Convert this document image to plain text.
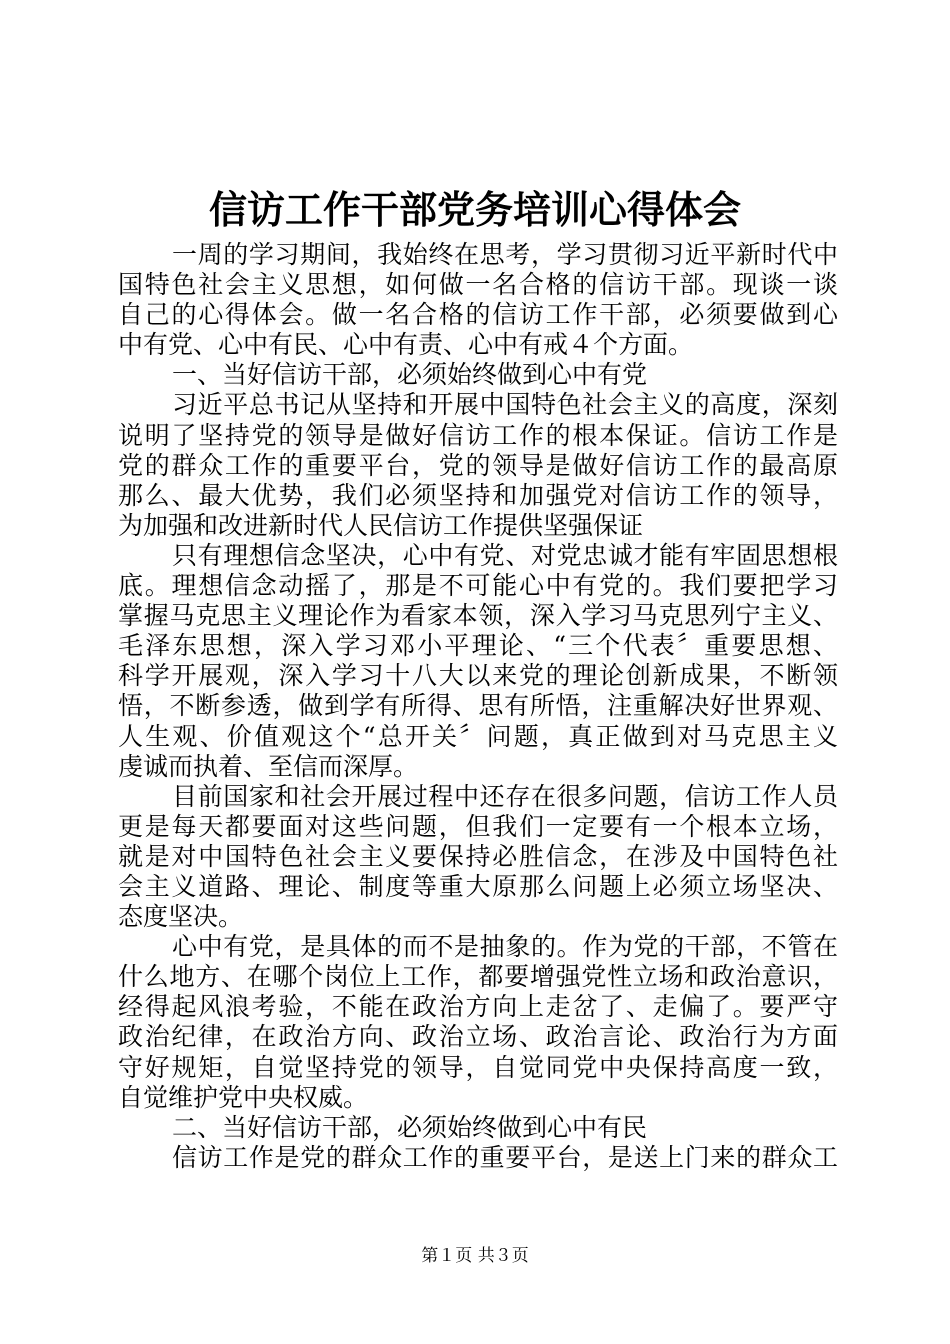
信访工作干部党务培训心得体会
一周的学习期间，我始终在思考，学习贯彻习近平新时代中
国特色社会主义思想，如何做一名合格的信访干部。现谈一谈
自己的心得体会。做一名合格的信访工作干部，必须要做到心
中有党、心中有民、心中有责、心中有戒４个方面。
一、当好信访干部，必须始终做到心中有党
习近平总书记从坚持和开展中国特色社会主义的高度，深刻
说明了坚持党的领导是做好信访工作的根本保证。信访工作是
党的群众工作的重要平台，党的领导是做好信访工作的最高原
那么、最大优势，我们必须坚持和加强党对信访工作的领导，
为加强和改进新时代人民信访工作提供坚强保证
只有理想信念坚决，心中有党、对党忠诚才能有牢固思想根
底。理想信念动摇了，那是不可能心中有党的。我们要把学习
掌握马克思主义理论作为看家本领，深入学习马克思列宁主义、
毛泽东思想，深入学习邓小平理论、“三个代表〞重要思想、
科学开展观，深入学习十八大以来党的理论创新成果，不断领
悟，不断参透，做到学有所得、思有所悟，注重解决好世界观、
人生观、价值观这个“总开关〞问题，真正做到对马克思主义
虔诚而执着、至信而深厚。
目前国家和社会开展过程中还存在很多问题，信访工作人员
更是每天都要面对这些问题，但我们一定要有一个根本立场，
就是对中国特色社会主义要保持必胜信念，在涉及中国特色社
会主义道路、理论、制度等重大原那么问题上必须立场坚决、
态度坚决。
心中有党，是具体的而不是抽象的。作为党的干部，不管在
什么地方、在哪个岗位上工作，都要增强党性立场和政治意识，
经得起风浪考验，不能在政治方向上走岔了、走偏了。要严守
政治纪律，在政治方向、政治立场、政治言论、政治行为方面
守好规矩，自觉坚持党的领导，自觉同党中央保持高度一致，
自觉维护党中央权威。
二、当好信访干部，必须始终做到心中有民
信访工作是党的群众工作的重要平台，是送上门来的群众工
第１页 共３页
